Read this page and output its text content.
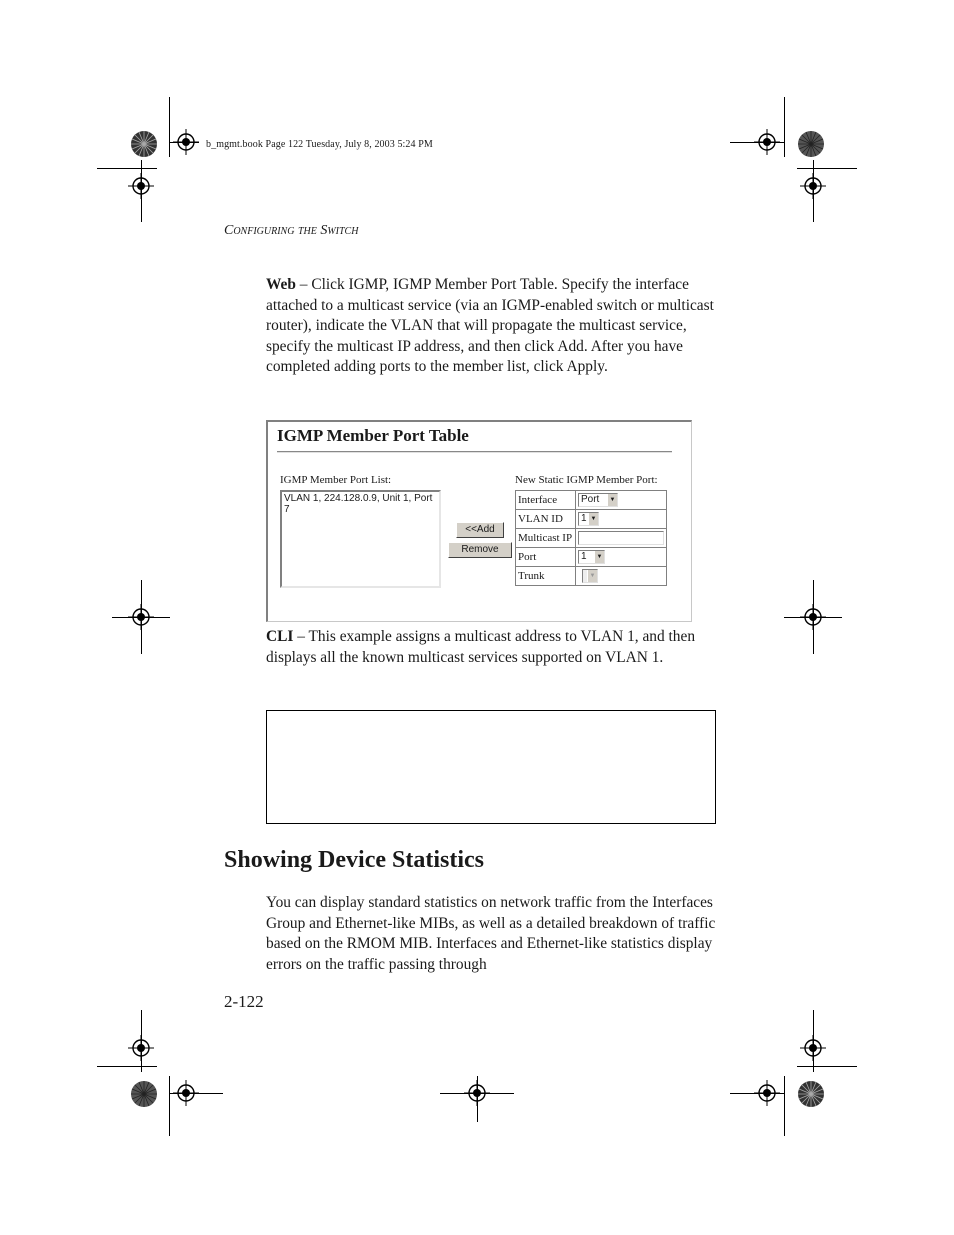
b_mgmt.book Page 122 Tuesday, July 8, 2003 5:24 PM
Configuring the Switch
Web – Click IGMP, IGMP Member Port Table. Specify the interface attached to a multicast service (via an IGMP-enabled switch or multicast router), indicate the VLAN that will propagate the multicast service, specify the multicast IP address, and then click Add. After you have completed adding ports to the member list, click Apply.
IGMP Member Port Table
IGMP Member Port List:
VLAN 1, 224.128.0.9, Unit 1, Port 7
<<Add
Remove
New Static IGMP Member Port:
Interface	Port ▼

VLAN ID	1 ▼

Multicast IP	
Port	1 ▼

Trunk	▼
CLI – This example assigns a multicast address to VLAN 1, and then displays all the known multicast services supported on VLAN 1.
Showing Device Statistics
You can display standard statistics on network traffic from the Interfaces Group and Ethernet-like MIBs, as well as a detailed breakdown of traffic based on the RMOM MIB. Interfaces and Ethernet-like statistics display errors on the traffic passing through
2-122
